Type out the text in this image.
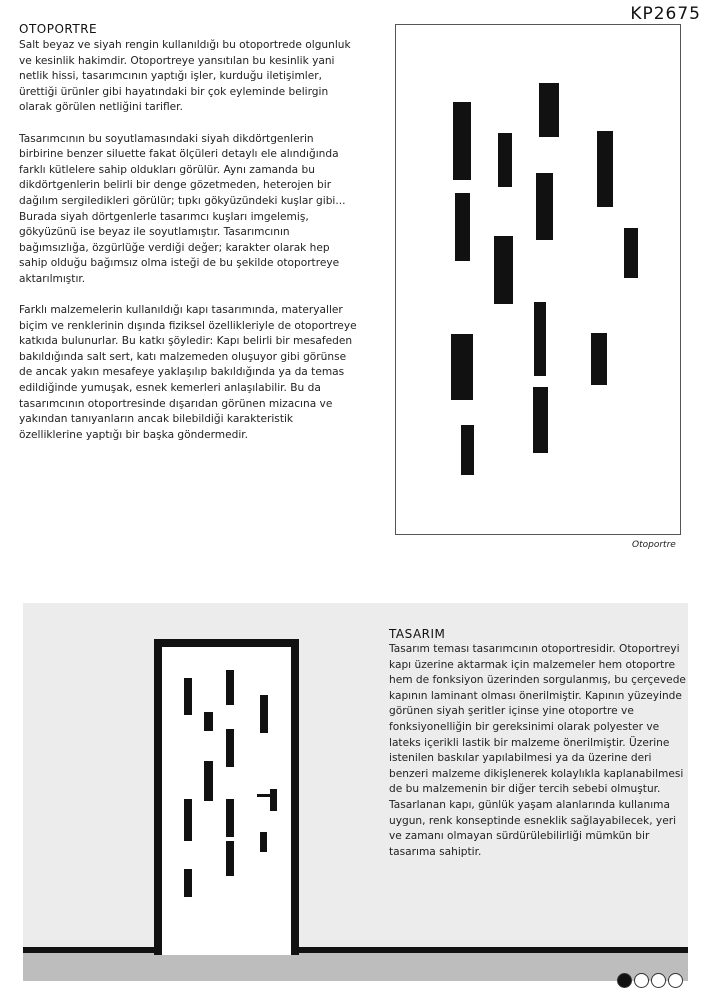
KP2675
OTOPORTRE

Salt beyaz ve siyah rengin kullanıldığı bu otoportrede olgunluk ve kesinlik hakimdir. Otoportreye yansıtılan bu kesinlik yani netlik hissi, tasarımcının yaptığı işler, kurduğu iletişimler, ürettiği ürünler gibi hayatındaki bir çok eyleminde belirgin olarak görülen netliğini tarifler.

Tasarımcının bu soyutlamasındaki siyah dikdörtgenlerin birbirine benzer siluette fakat ölçüleri detaylı ele alındığında farklı kütlelere sahip oldukları görülür. Aynı zamanda bu dikdörtgenlerin belirli bir denge gözetmeden, heterojen bir dağılım sergiledikleri görülür; tıpkı gökyüzündeki kuşlar gibi... Burada siyah dörtgenlerle tasarımcı kuşları imgelemiş, gökyüzünü ise beyaz ile soyutlamıştır. Tasarımcının bağımsızlığa, özgürlüğe verdiği değer; karakter olarak hep sahip olduğu bağımsız olma isteği de bu şekilde otoportreye aktarılmıştır.

Farklı malzemelerin kullanıldığı kapı tasarımında, materyaller biçim ve renklerinin dışında fiziksel özellikleriyle de otoportreye katkıda bulunurlar. Bu katkı şöyledir: Kapı belirli bir mesafeden bakıldığında salt sert, katı malzemeden oluşuyor gibi görünse de ancak yakın mesafeye yaklaşılıp bakıldığında ya da temas edildiğinde yumuşak, esnek kemerleri anlaşılabilir. Bu da tasarımcının otoportresinde dışarıdan görünen mizacına ve yakından tanıyanların ancak bilebildiği karakteristik özelliklerine yaptığı bir başka göndermedir.

Otoportre
TASARIM

Tasarım teması tasarımcının otoportresidir. Otoportreyi kapı üzerine aktarmak için malzemeler hem otoportre hem de fonksiyon üzerinden sorgulanmış, bu çerçevede kapının laminant olması önerilmiştir. Kapının yüzeyinde görünen siyah şeritler içinse yine otoportre ve fonksiyonelliğin bir gereksinimi olarak polyester ve lateks içerikli lastik bir malzeme önerilmiştir. Üzerine istenilen baskılar yapılabilmesi ya da üzerine deri benzeri malzeme dikişlenerek kolaylıkla kaplanabilmesi de bu malzemenin bir diğer tercih sebebi olmuştur. Tasarlanan kapı, günlük yaşam alanlarında kullanıma uygun, renk konseptinde esneklik sağlayabilecek, yeri ve zamanı olmayan sürdürülebilirliği mümkün bir tasarıma sahiptir.
